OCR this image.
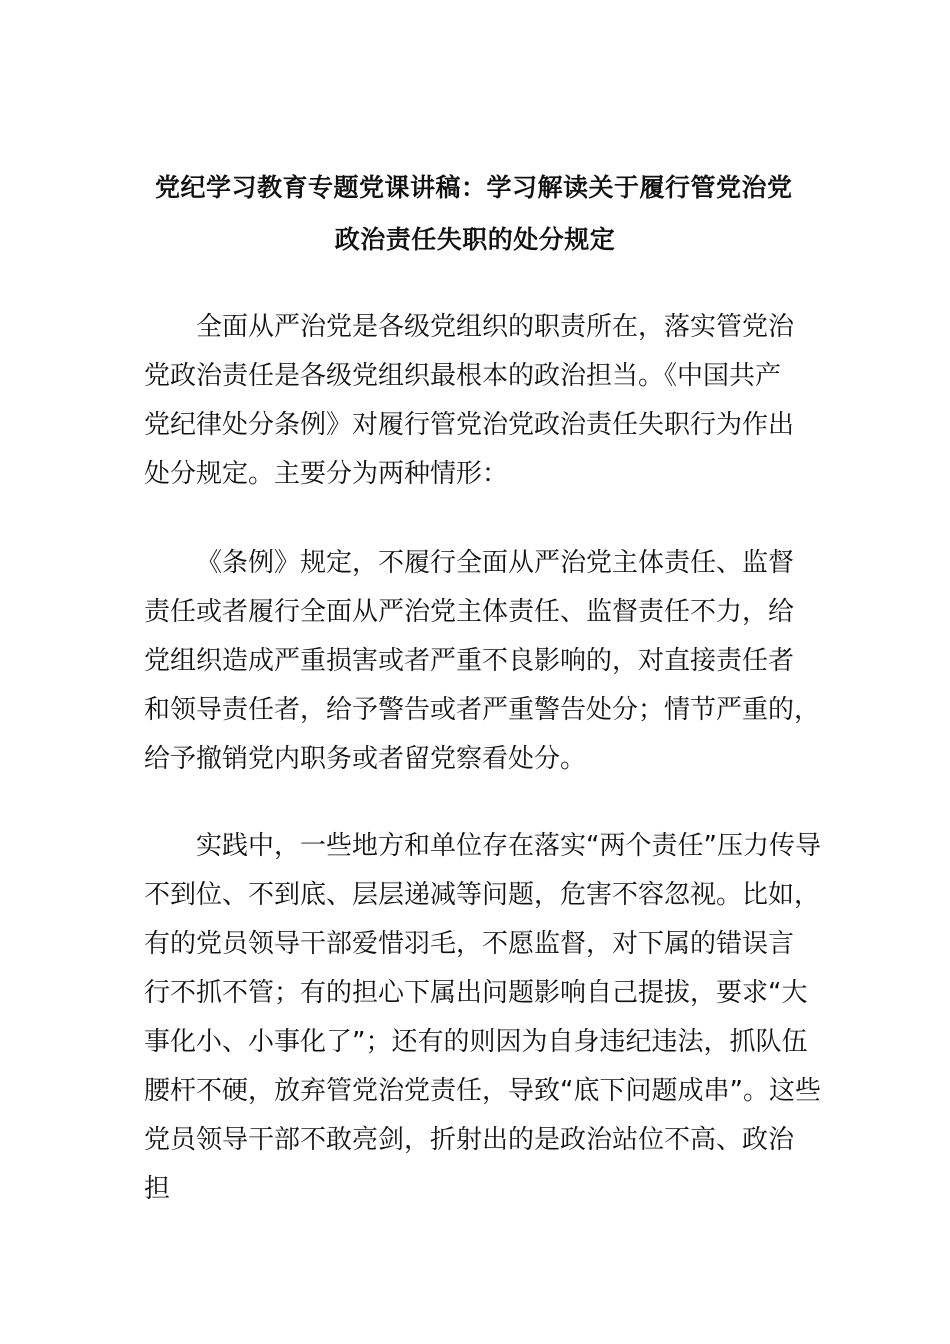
党纪学习教育专题党课讲稿：学习解读关于履行管党治党
政治责任失职的处分规定

全面从严治党是各级党组织的职责所在，落实管党治

党政治责任是各级党组织最根本的政治担当。《中国共产

党纪律处分条例》对履行管党治党政治责任失职行为作出

处分规定。主要分为两种情形：

《条例》规定，不履行全面从严治党主体责任、监督

责任或者履行全面从严治党主体责任、监督责任不力，给

党组织造成严重损害或者严重不良影响的，对直接责任者

和领导责任者，给予警告或者严重警告处分；情节严重的，

给予撤销党内职务或者留党察看处分。

实践中，一些地方和单位存在落实“两个责任”压力传导

不到位、不到底、层层递减等问题，危害不容忽视。比如，

有的党员领导干部爱惜羽毛，不愿监督，对下属的错误言

行不抓不管；有的担心下属出问题影响自己提拔，要求“大

事化小、小事化了”；还有的则因为自身违纪违法，抓队伍

腰杆不硬，放弃管党治党责任，导致“底下问题成串”。这些

党员领导干部不敢亮剑，折射出的是政治站位不高、政治

担
